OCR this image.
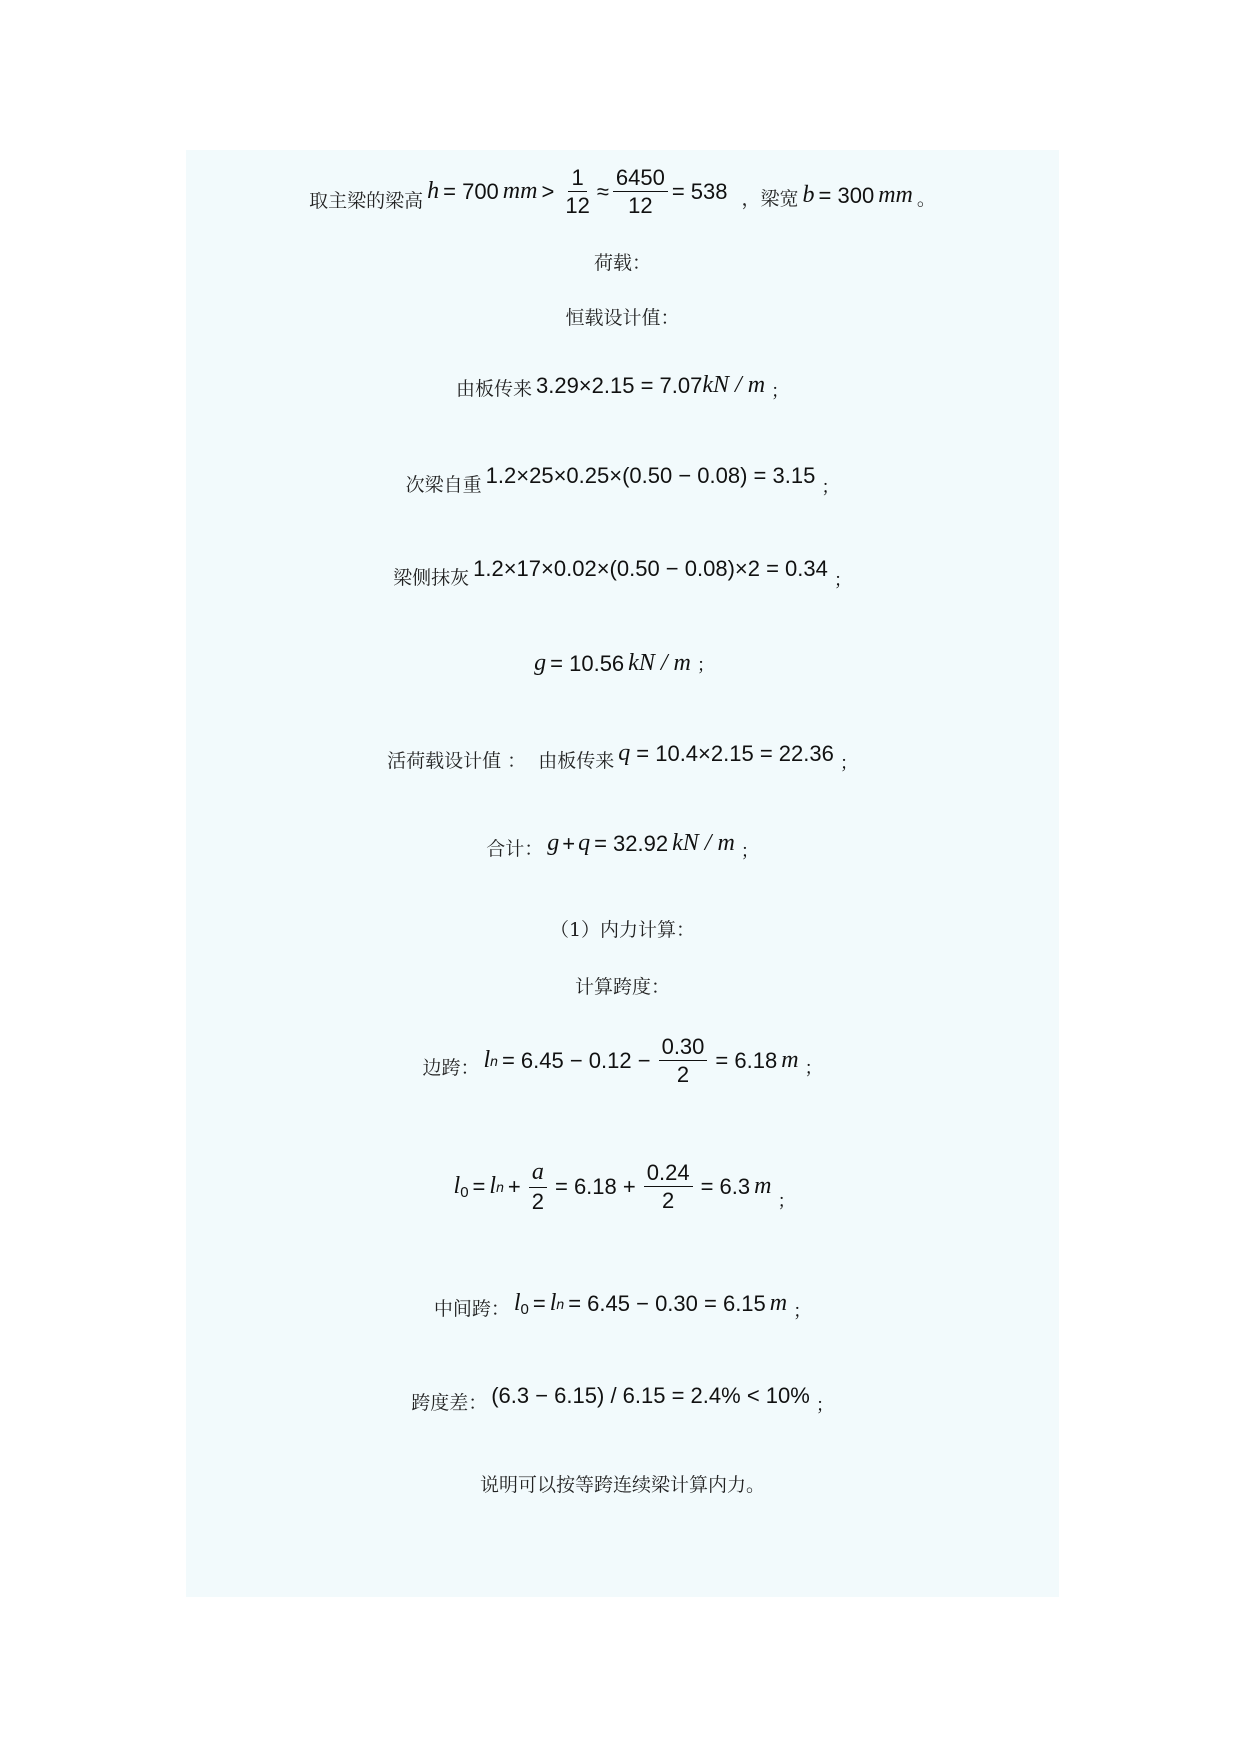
取主梁的梁高 h = 700 mm > $\frac{1}{12} \approx \frac{6450}{12} = 538$ ，梁宽 b = 300 mm 。
荷载：
恒载设计值：
由板传来 3.29×2.15 = 7.07 kN / m ；
次梁自重 1.2×25×0.25×(0.50 − 0.08) = 3.15 ；
梁侧抹灰 1.2×17×0.02×(0.50 − 0.08)×2 = 0.34 ；
g = 10.56 kN / m ；
活荷载设计值 ：  由板传来 q = 10.4×2.15 = 22.36 ；
合计： g + q = 32.92 kN / m ；
（1）内力计算：
计算跨度：
边跨： l $n = 6.45 - 0.12 - \frac{0.30}{2} = 6.18$ m ；
l 0 = l $n + \frac{a}{2} = 6.18 + \frac{0.24}{2} = 6.3$ m
；
中间跨： l 0 = l n = 6.45 − 0.30 = 6.15 m ；
跨度差： (6.3 − 6.15) / 6.15 = 2.4% < 10% ；
说明可以按等跨连续梁计算内力。
